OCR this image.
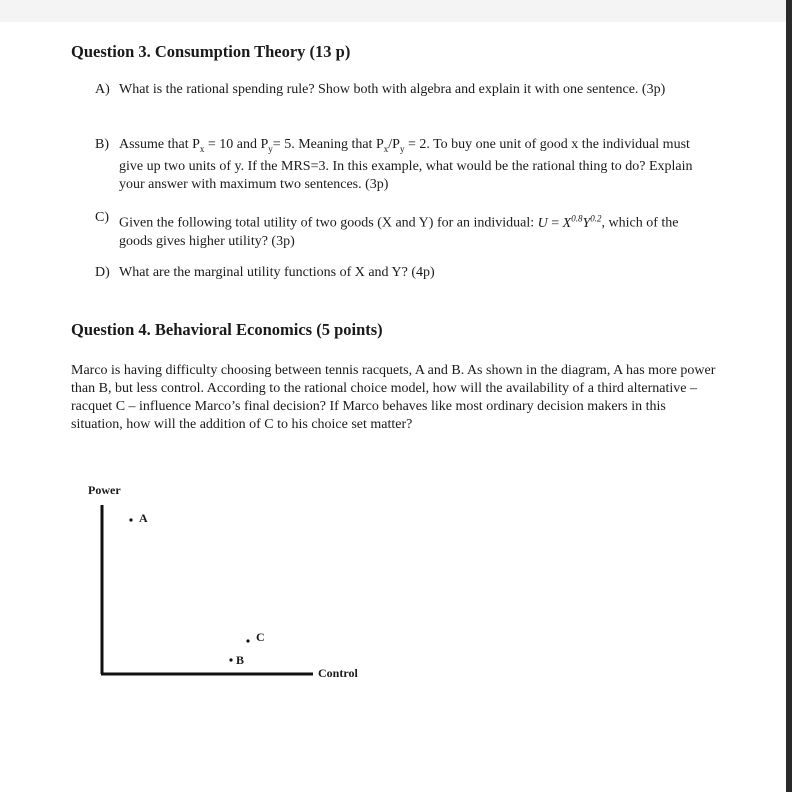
Question 3. Consumption Theory (13 p)
A) What is the rational spending rule? Show both with algebra and explain it with one sentence. (3p)
B) Assume that $P_x = 10$ and $P_y= 5$. Meaning that $P_x/P_y = 2$. To buy one unit of good x the individual must give up two units of y. If the MRS=3. In this example, what would be the rational thing to do? Explain your answer with maximum two sentences. (3p)
C) Given the following total utility of two goods (X and Y) for an individual: $U = X^{0.8}Y^{0.2}$, which of the goods gives higher utility? (3p)
D) What are the marginal utility functions of X and Y? (4p)
Question 4. Behavioral Economics (5 points)
Marco is having difficulty choosing between tennis racquets, A and B. As shown in the diagram, A has more power than B, but less control. According to the rational choice model, how will the availability of a third alternative – racquet C – influence Marco’s final decision? If Marco behaves like most ordinary decision makers in this situation, how will the addition of C to his choice set matter?
Power
Control
A
B
C
